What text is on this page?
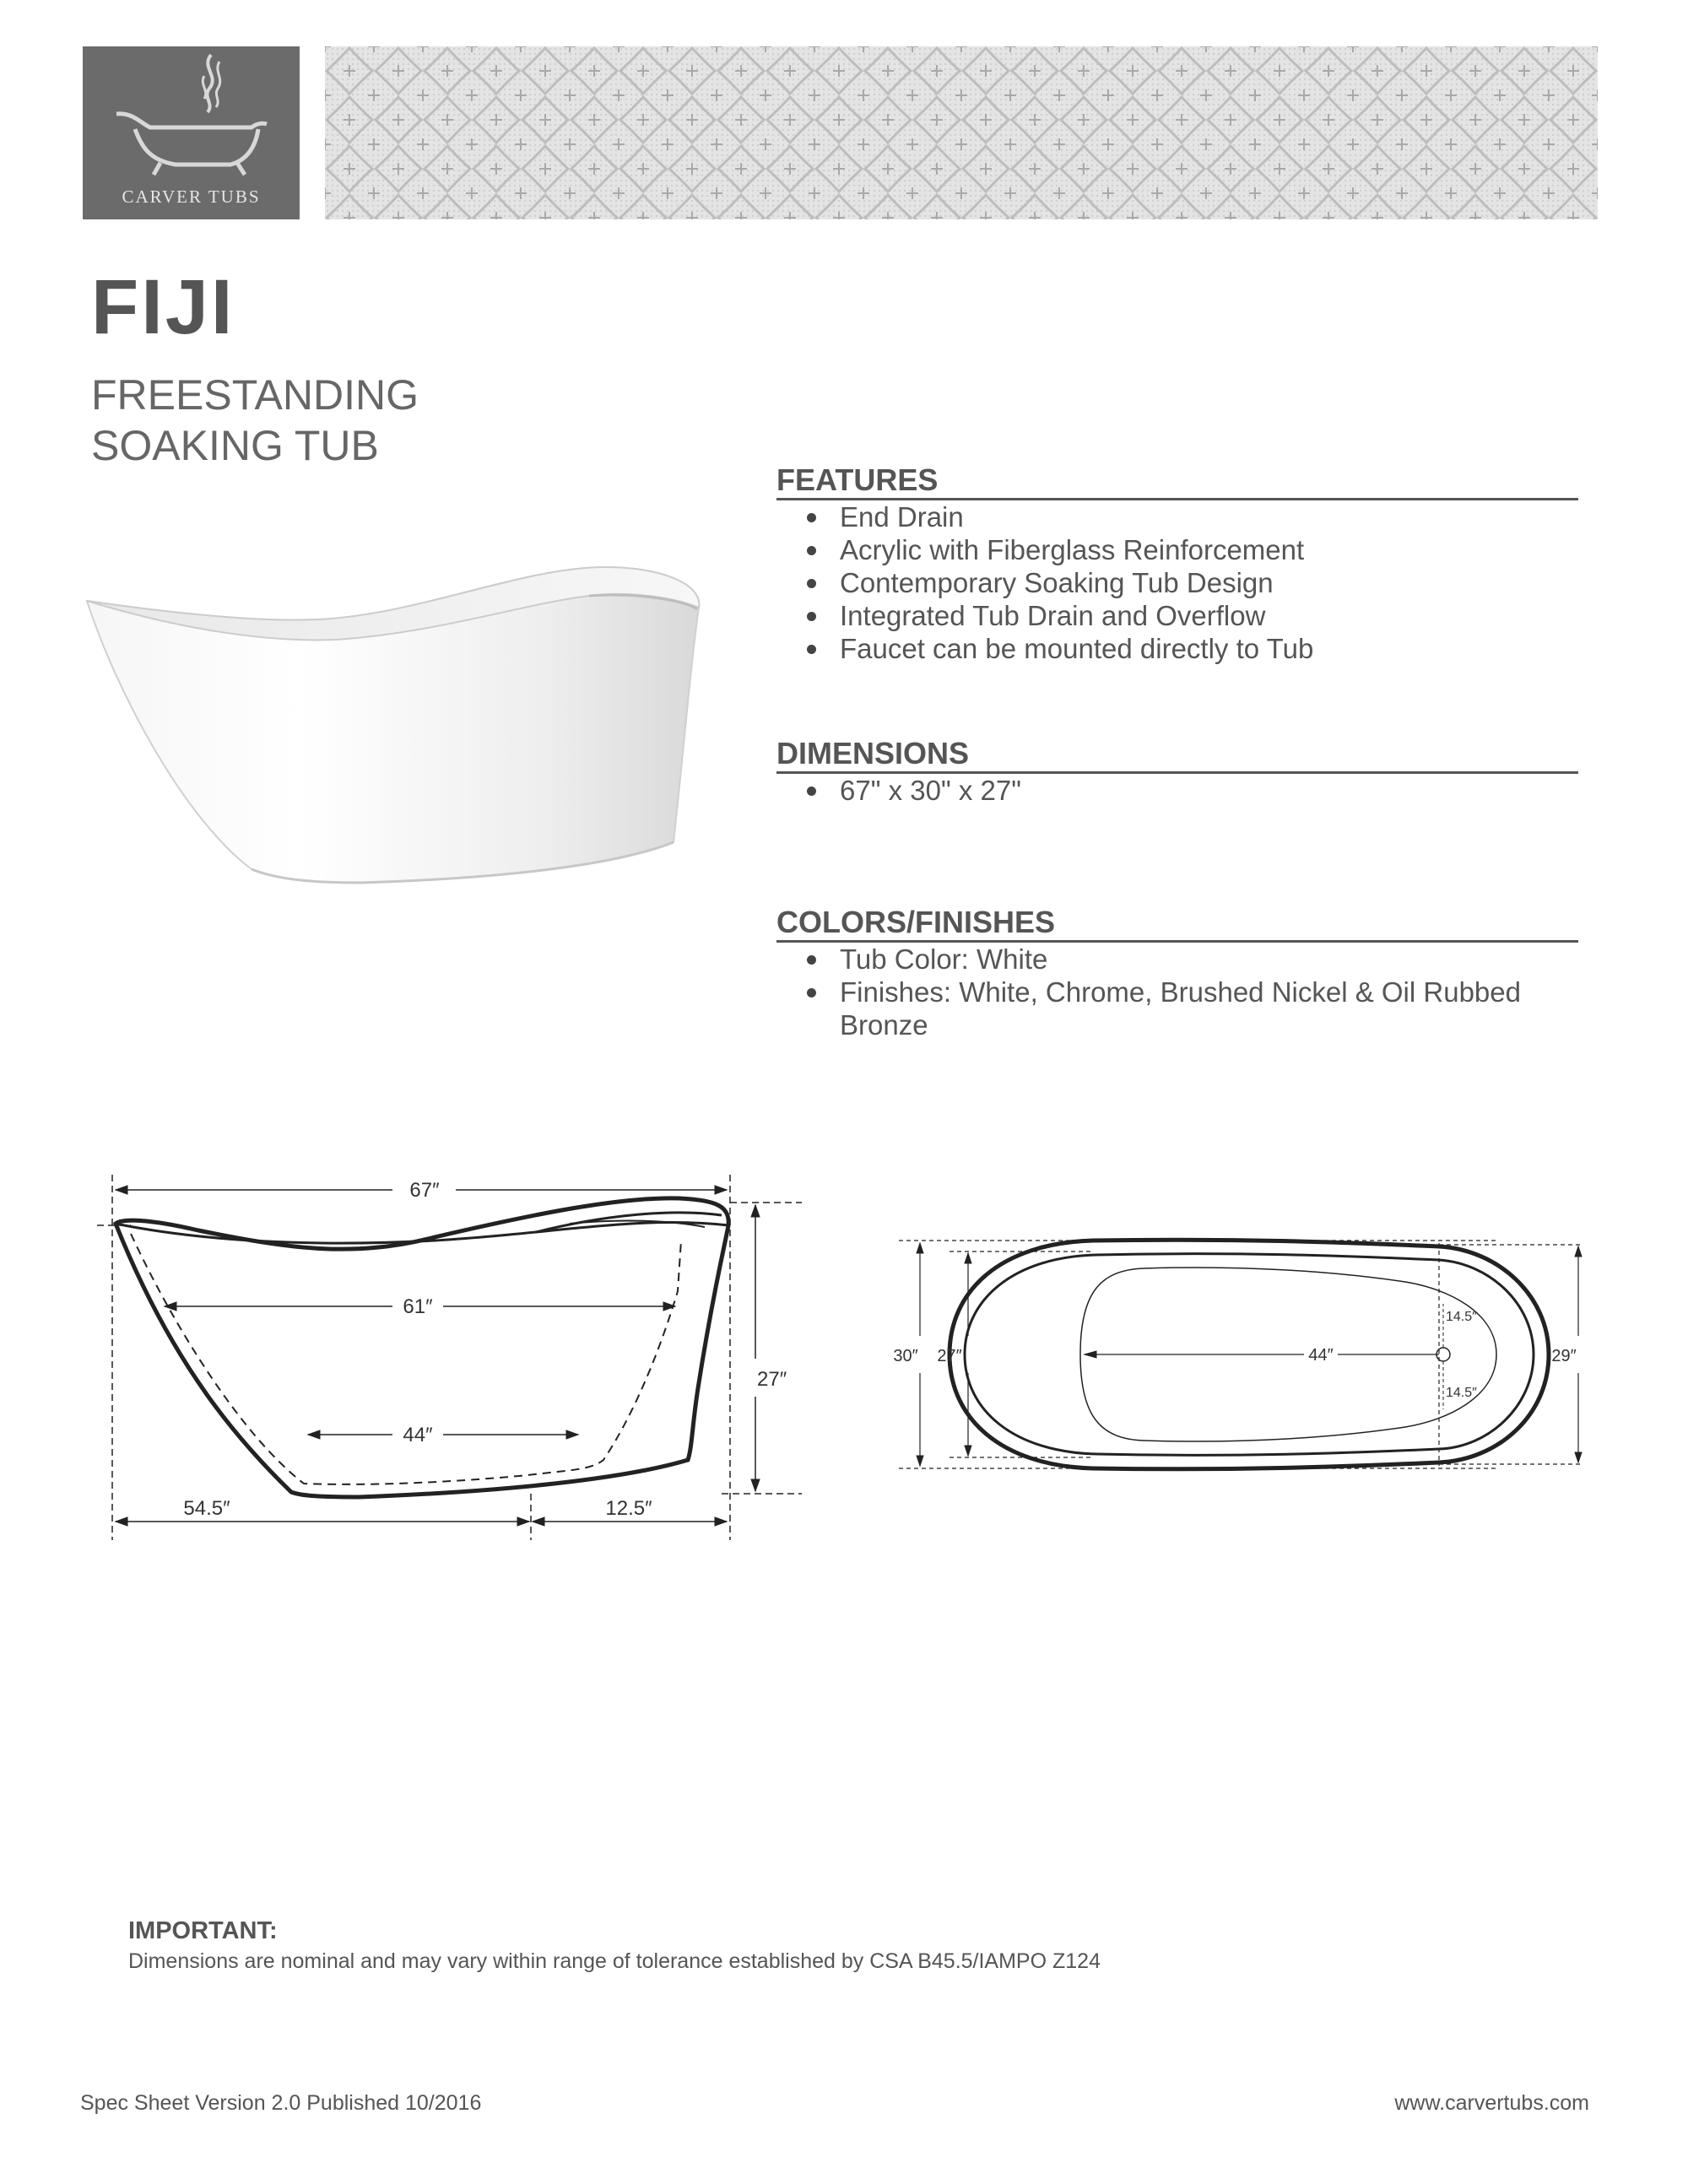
CARVER TUBS
FIJI
FREESTANDING
SOAKING TUB
FEATURES
End Drain
Acrylic with Fiberglass Reinforcement
Contemporary Soaking Tub Design
Integrated Tub Drain and Overflow
Faucet can be mounted directly to Tub
DIMENSIONS
67" x 30" x 27"
COLORS/FINISHES
Tub Color: White
Finishes: White, Chrome, Brushed Nickel & Oil Rubbed Bronze
67″
61″
44″
27″
54.5″	12.5″
30″ 27″	44″
14.5″
14.5″
29″
IMPORTANT:
Dimensions are nominal and may vary within range of tolerance established by CSA B45.5/IAMPO Z124
Spec Sheet Version 2.0 Published 10/2016	www.carvertubs.com
